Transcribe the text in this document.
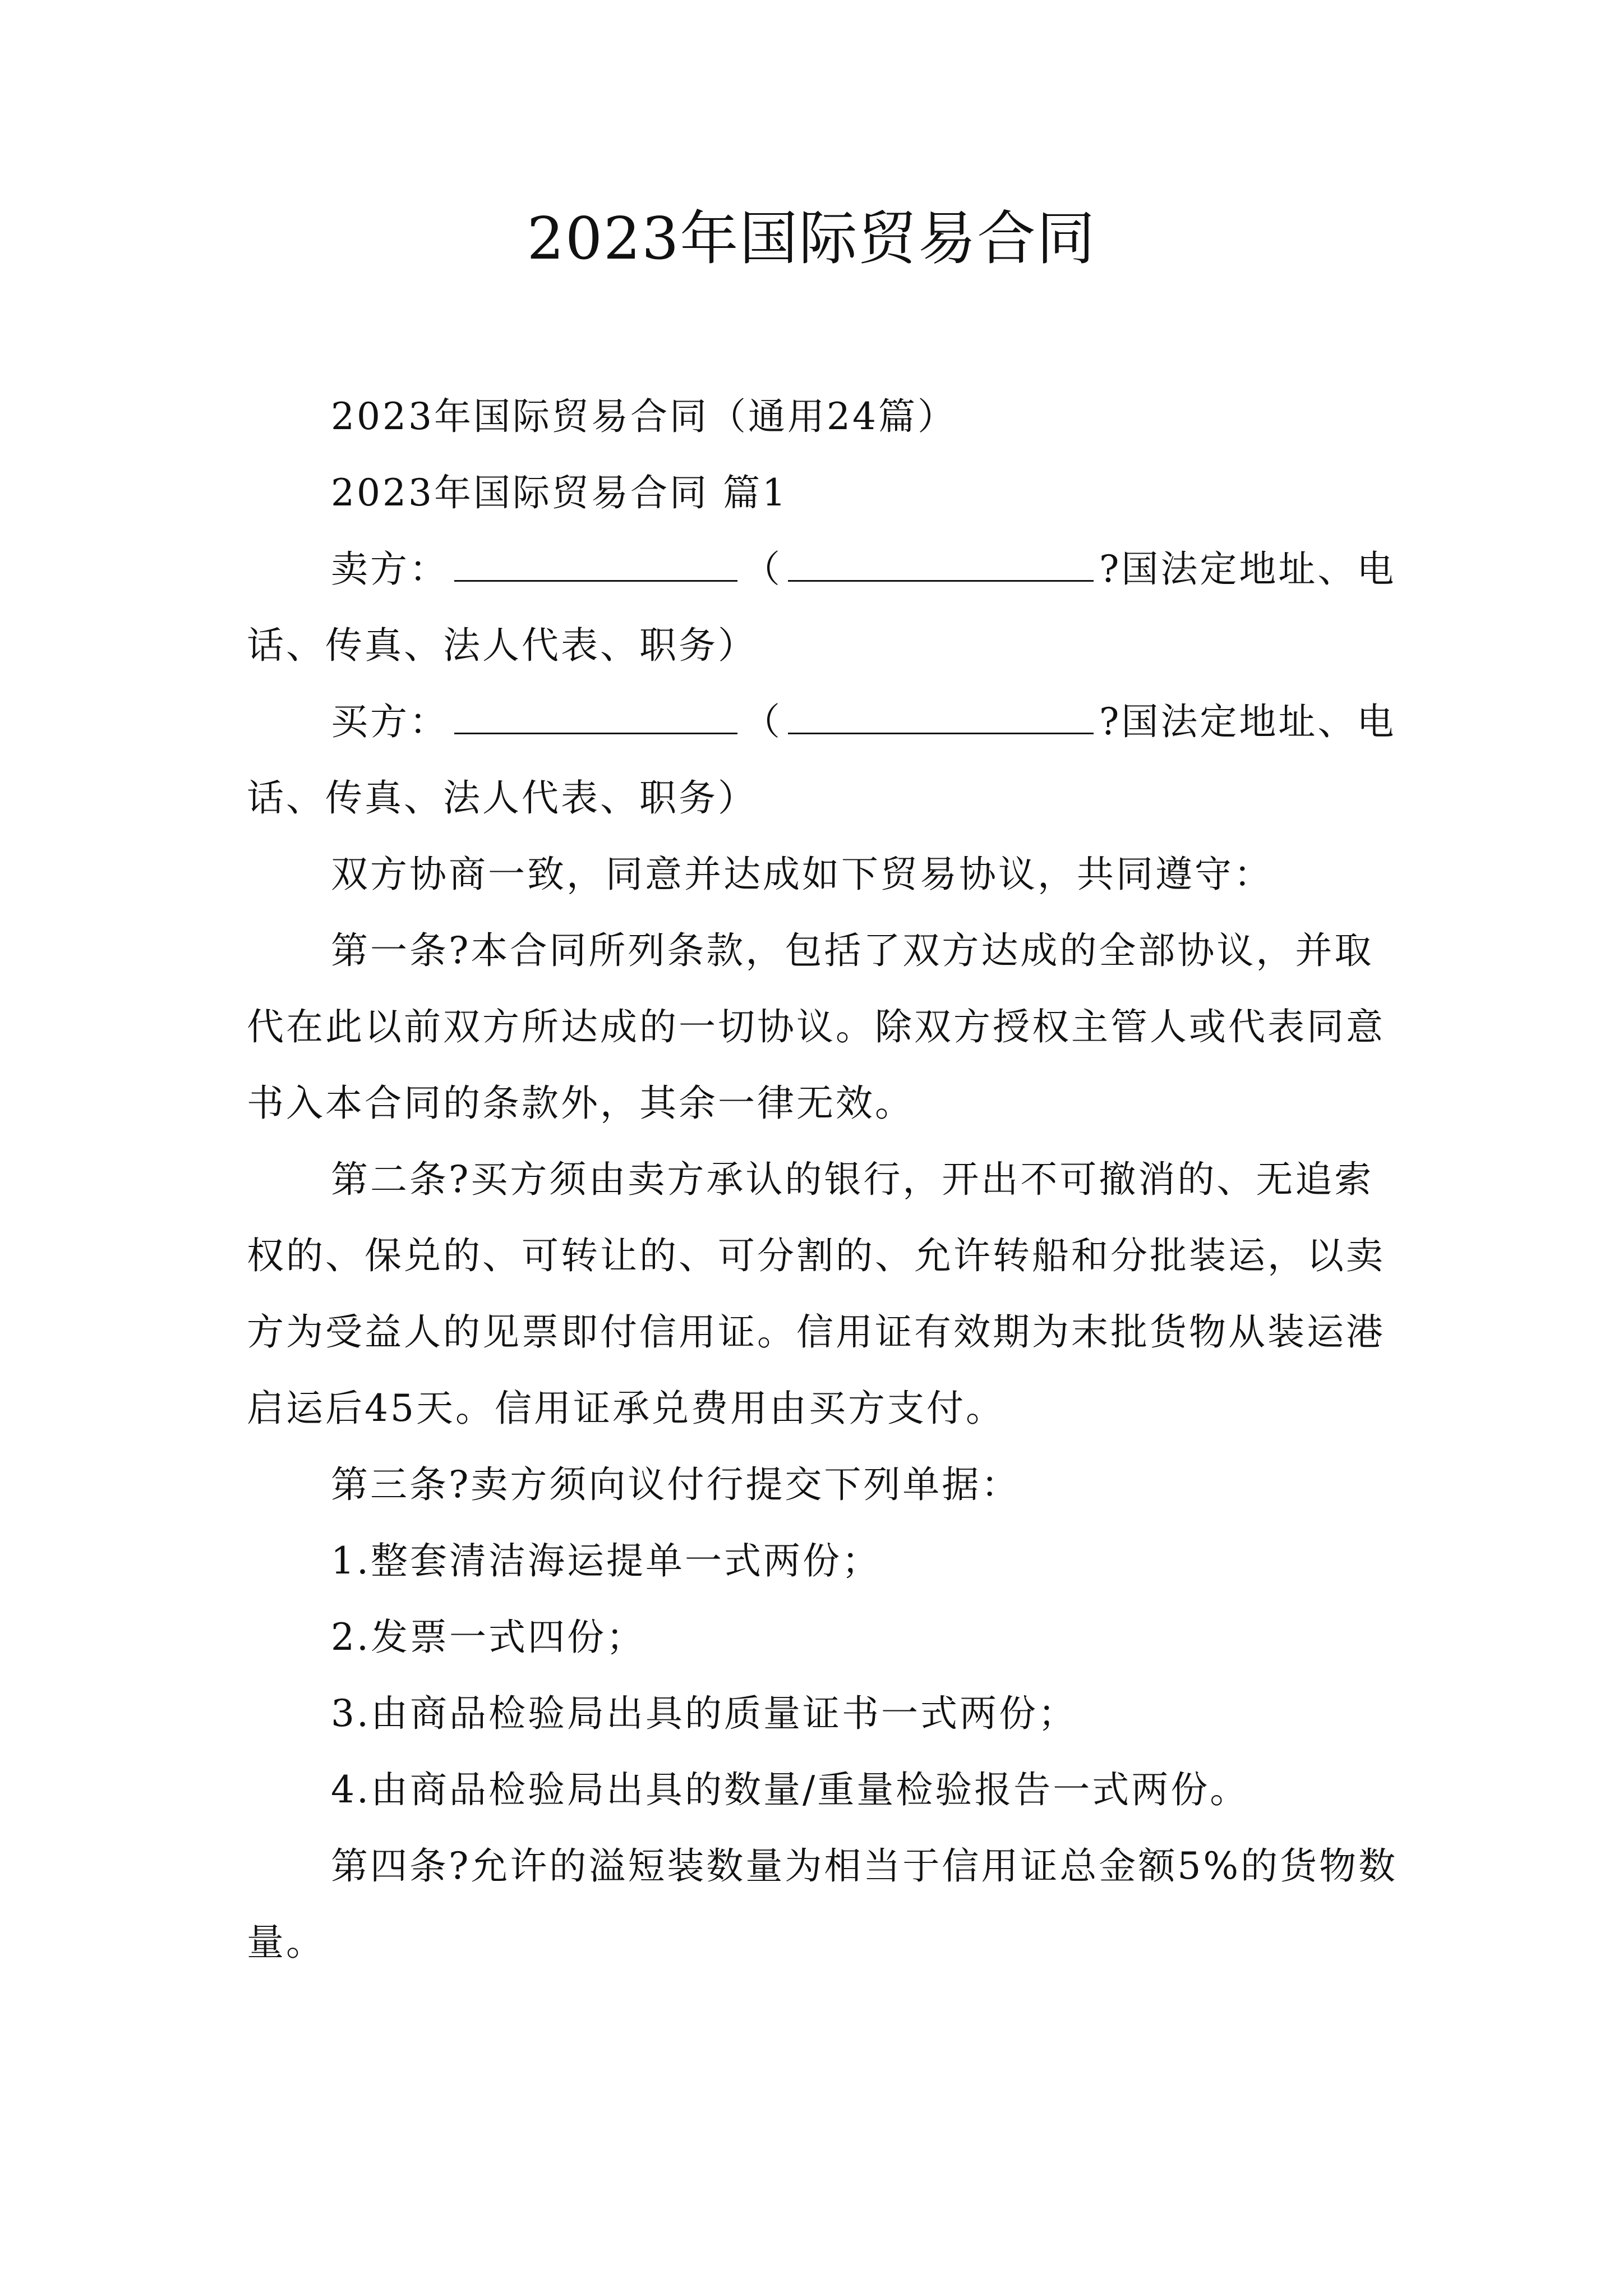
2023年国际贸易合同

2023年国际贸易合同（通用24篇）

2023年国际贸易合同 篇1

卖方：	（	?国法定地址、电话、传真、法人代表、职务）

买方：	（	?国法定地址、电话、传真、法人代表、职务）

双方协商一致，同意并达成如下贸易协议，共同遵守：

第一条?本合同所列条款，包括了双方达成的全部协议，并取代在此以前双方所达成的一切协议。除双方授权主管人或代表同意书入本合同的条款外，其余一律无效。

第二条?买方须由卖方承认的银行，开出不可撤消的、无追索权的、保兑的、可转让的、可分割的、允许转船和分批装运，以卖方为受益人的见票即付信用证。信用证有效期为末批货物从装运港启运后45天。信用证承兑费用由买方支付。

第三条?卖方须向议付行提交下列单据：

1.整套清洁海运提单一式两份；

2.发票一式四份；

3.由商品检验局出具的质量证书一式两份；

4.由商品检验局出具的数量/重量检验报告一式两份。

第四条?允许的溢短装数量为相当于信用证总金额5%的货物数量。
